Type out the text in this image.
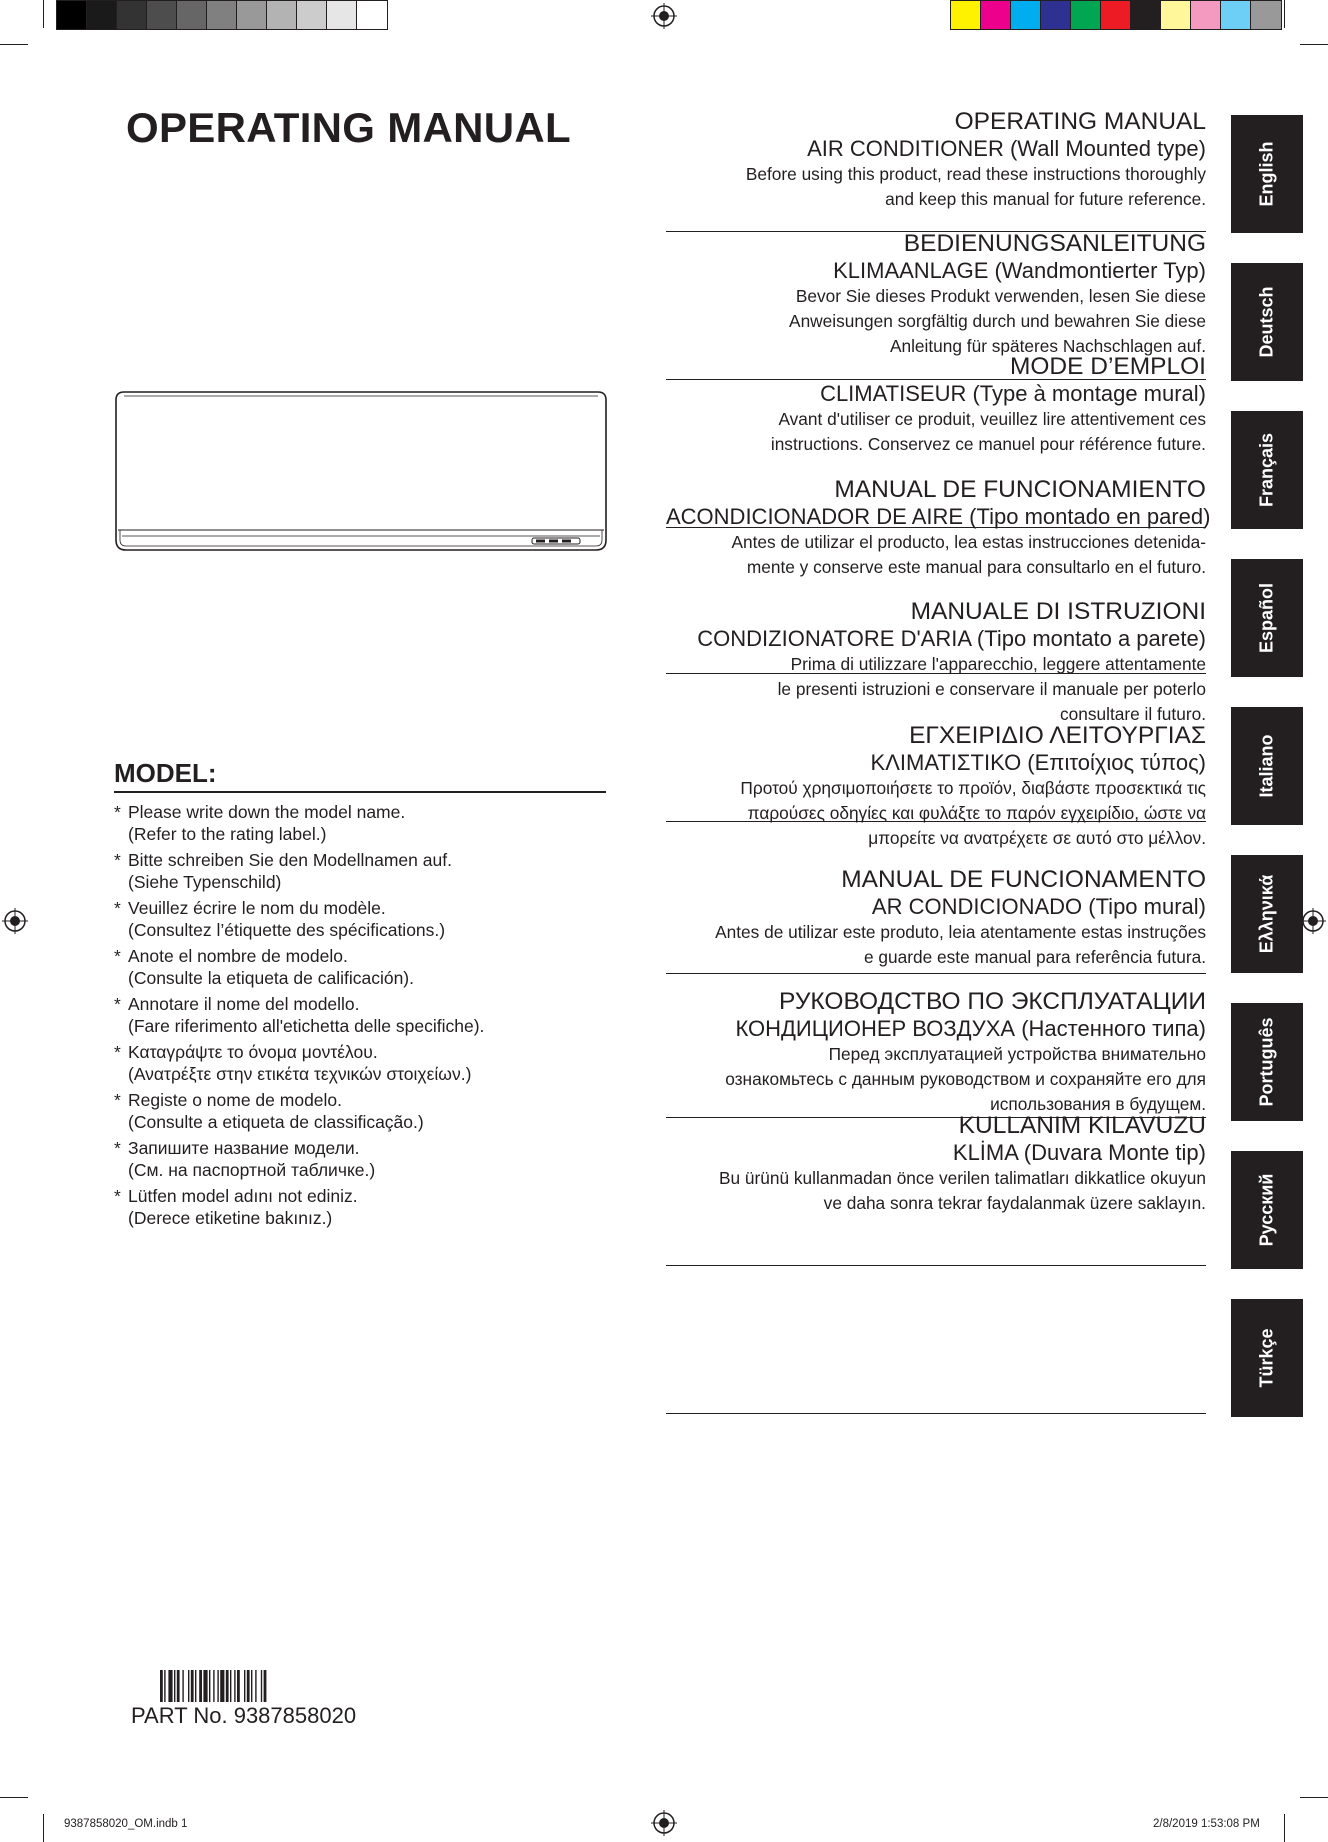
OPERATING MANUAL
MODEL:
* Please write down the model name.
(Refer to the rating label.)
* Bitte schreiben Sie den Modellnamen auf.
(Siehe Typenschild)
* Veuillez écrire le nom du modèle.
(Consultez l’étiquette des spécifications.)
* Anote el nombre de modelo.
(Consulte la etiqueta de calificación).
* Annotare il nome del modello.
(Fare riferimento all'etichetta delle specifiche).
* Καταγράψτε το όνομα μοντέλου.
(Ανατρέξτε στην ετικέτα τεχνικών στοιχείων.)
* Registe o nome de modelo.
(Consulte a etiqueta de classificação.)
* Запишите название модели.
(См. на паспортной табличке.)
* Lütfen model adını not ediniz.
(Derece etiketine bakınız.)
OPERATING MANUAL
AIR CONDITIONER (Wall Mounted type)
Before using this product, read these instructions thoroughly
and keep this manual for future reference.	English
BEDIENUNGSANLEITUNG
KLIMAANLAGE (Wandmontierter Typ)
Bevor Sie dieses Produkt verwenden, lesen Sie diese
Anweisungen sorgfältig durch und bewahren Sie diese
Anleitung für späteres Nachschlagen auf.	Deutsch
MODE D’EMPLOI
CLIMATISEUR (Type à montage mural)
Avant d'utiliser ce produit, veuillez lire attentivement ces
instructions. Conservez ce manuel pour référence future.	Français
MANUAL DE FUNCIONAMIENTO
ACONDICIONADOR DE AIRE (Tipo montado en pared)
Antes de utilizar el producto, lea estas instrucciones detenida-
mente y conserve este manual para consultarlo en el futuro.
Español
MANUALE DI ISTRUZIONI
CONDIZIONATORE D'ARIA (Tipo montato a parete)
Prima di utilizzare l'apparecchio, leggere attentamente
le presenti istruzioni e conservare il manuale per poterlo
consultare il futuro.
Italiano
ΕΓΧΕΙΡΙΔΙΟ ΛΕΙΤΟΥΡΓΙΑΣ
ΚΛΙΜΑΤΙΣΤΙΚΟ (Επιτοίχιος τύπος)
Προτού χρησιμοποιήσετε το προϊόν, διαβάστε προσεκτικά τις
παρούσες οδηγίες και φυλάξτε το παρόν εγχειρίδιο, ώστε να
μπορείτε να ανατρέχετε σε αυτό στο μέλλον.
Ελληνικά
MANUAL DE FUNCIONAMENTO
AR CONDICIONADO (Tipo mural)
Antes de utilizar este produto, leia atentamente estas instruções
e guarde este manual para referência futura.
Português
РУКОВОДСТВО ПО ЭКСПЛУАТАЦИИ
КОНДИЦИОНЕР ВОЗДУХА (Настенного типа)
Перед эксплуатацией устройства внимательно
ознакомьтесь с данным руководством и сохраняйте его для
использования в будущем.
Русский
KULLANIM KILAVUZU
KLİMA (Duvara Monte tip)
Bu ürünü kullanmadan önce verilen talimatları dikkatlice okuyun
ve daha sonra tekrar faydalanmak üzere saklayın.
Türkçe
PART No. 9387858020
9387858020_OM.indb 1	2/8/2019 1:53:08 PM
